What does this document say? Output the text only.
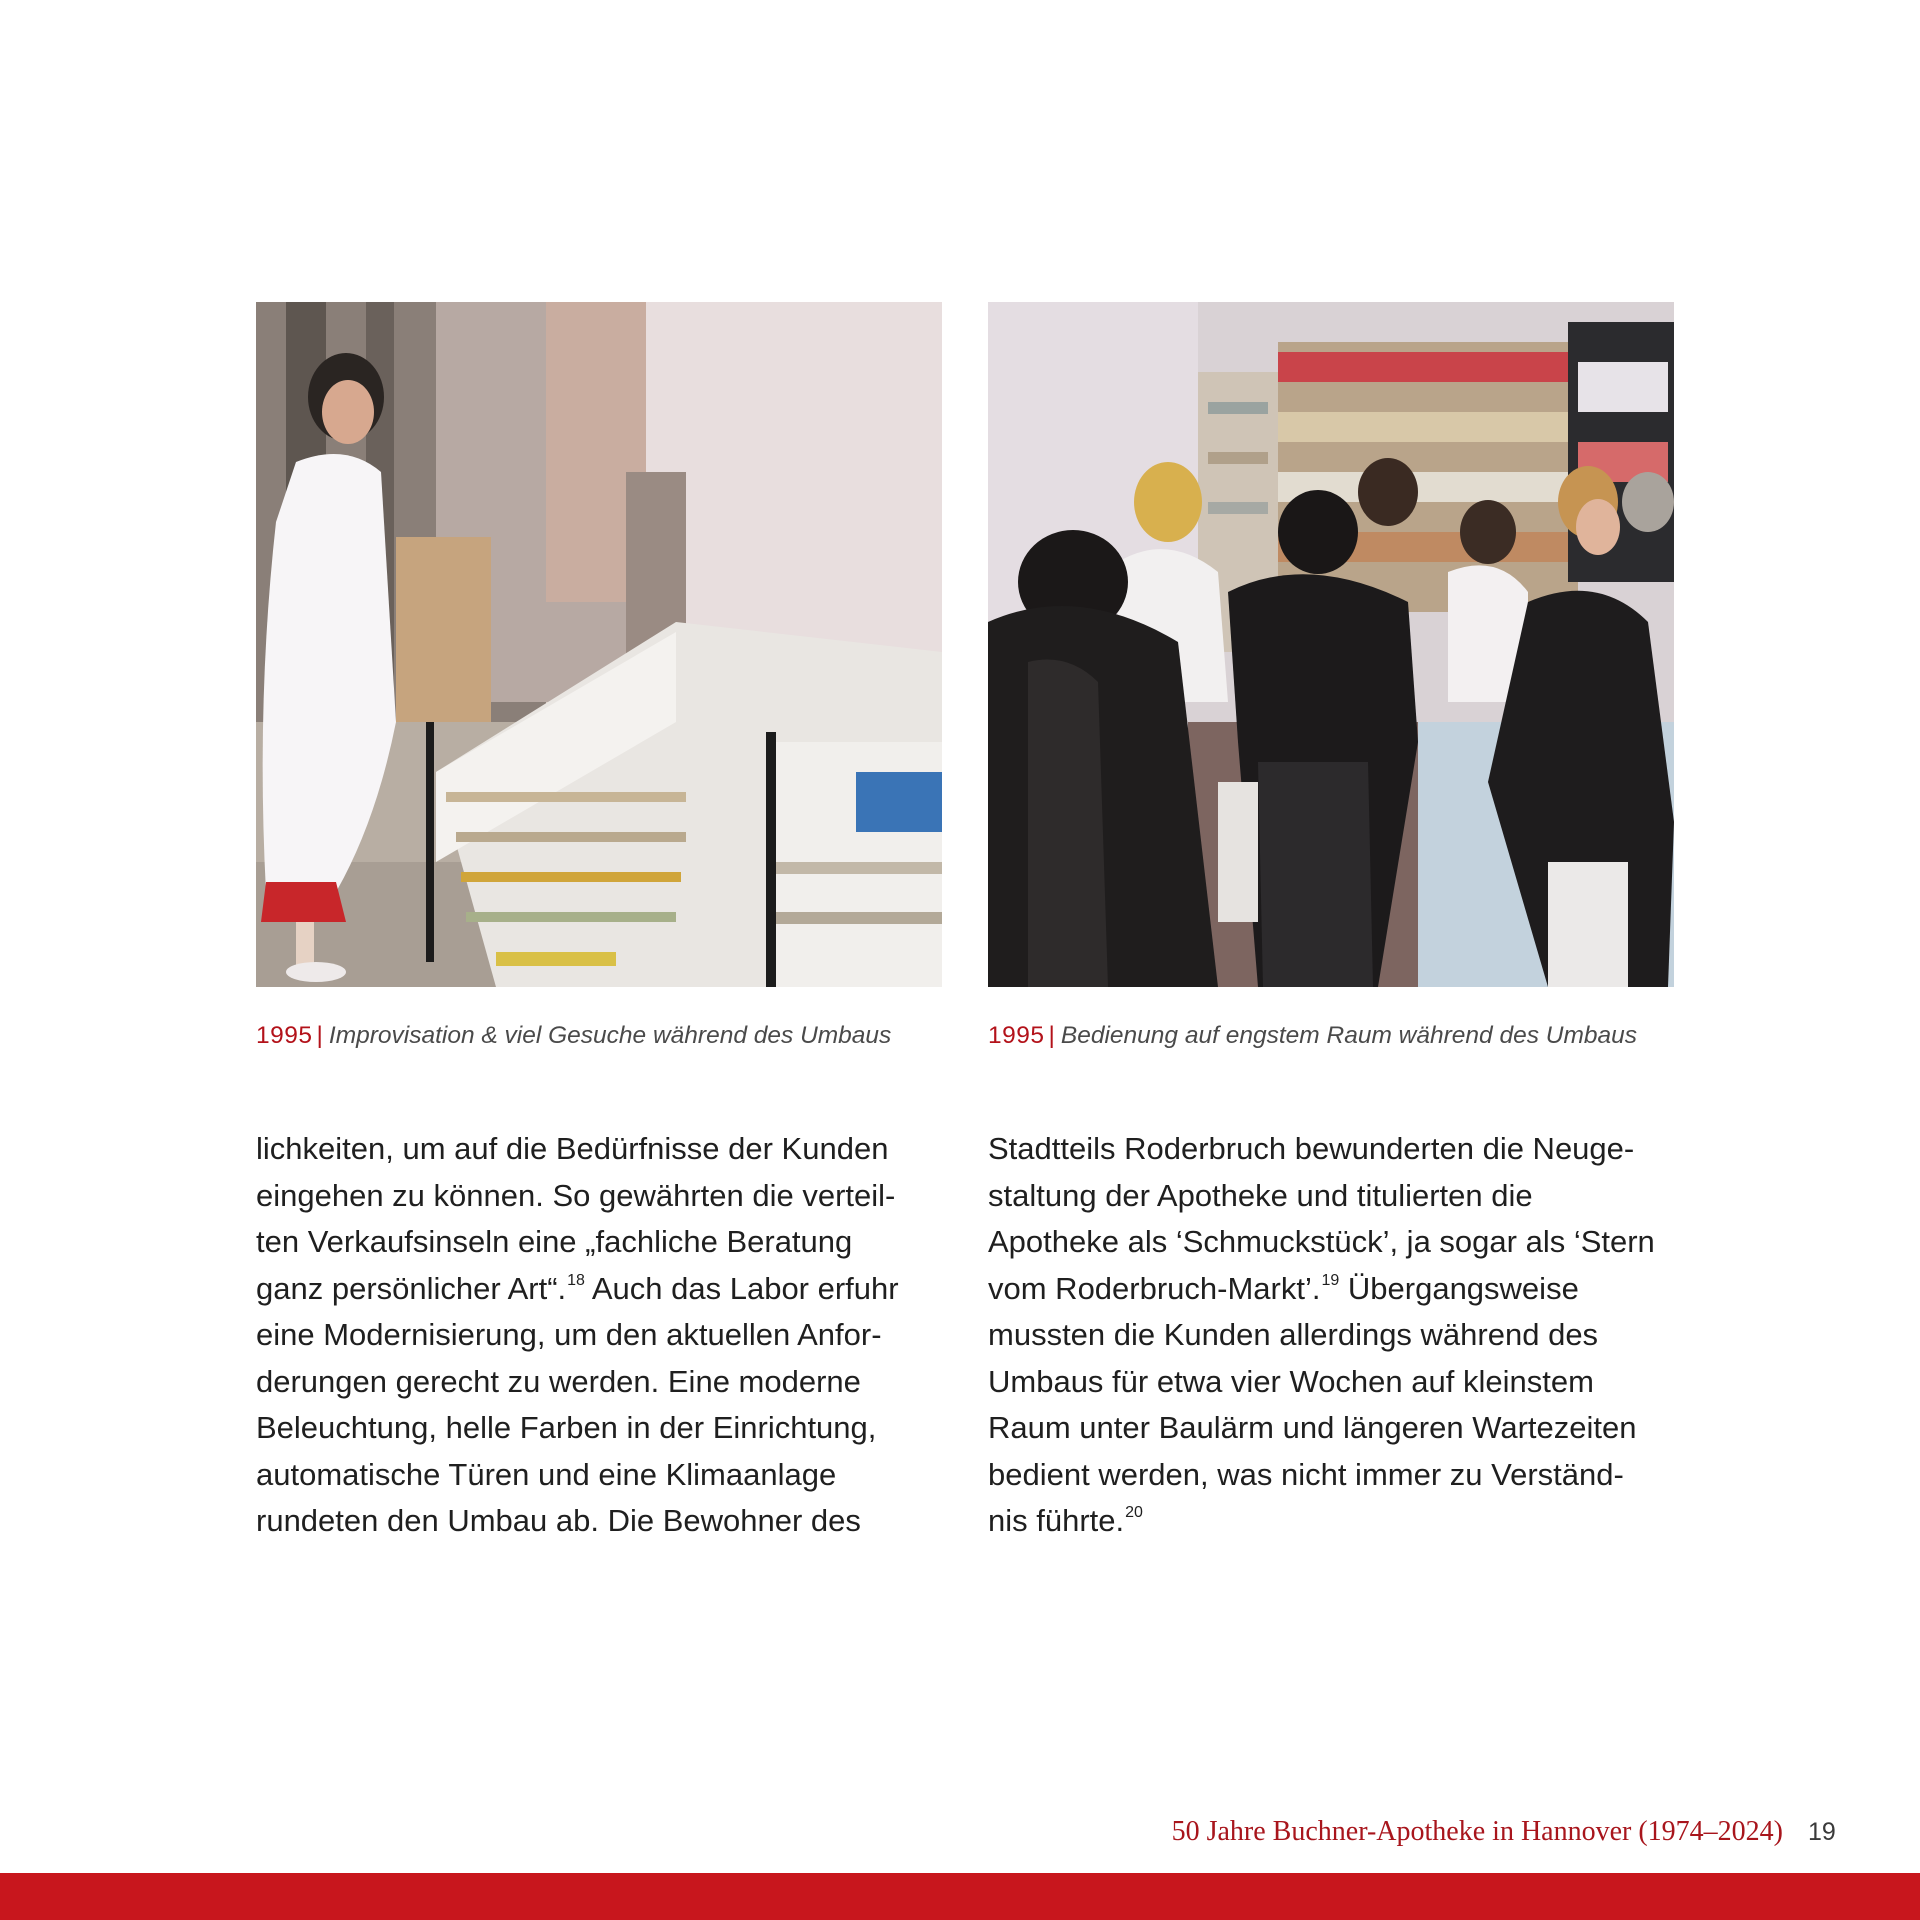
1995 | Improvisation & viel Gesuche während des Umbaus	1995 | Bedienung auf engstem Raum während des Umbaus
lichkeiten, um auf die Bedürfnisse der Kunden
eingehen zu können. So gewährten die verteil-
ten Verkaufsinseln eine „fachliche Beratung
ganz persönlicher Art“.$^{18}$ Auch das Labor erfuhr
eine Modernisierung, um den aktuellen Anfor-
derungen gerecht zu werden. Eine moderne
Beleuchtung, helle Farben in der Einrichtung,
automatische Türen und eine Klimaanlage
rundeten den Umbau ab. Die Bewohner des
Stadtteils Roderbruch bewunderten die Neuge-
staltung der Apotheke und titulierten die
Apotheke als ‘Schmuckstück’, ja sogar als ‘Stern
vom Roderbruch-Markt’.$^{19}$ Übergangsweise
mussten die Kunden allerdings während des
Umbaus für etwa vier Wochen auf kleinstem
Raum unter Baulärm und längeren Wartezeiten
bedient werden, was nicht immer zu Verständ-
nis führte.$^{20}$
50 Jahre Buchner-Apotheke in Hannover (1974–2024) 19
